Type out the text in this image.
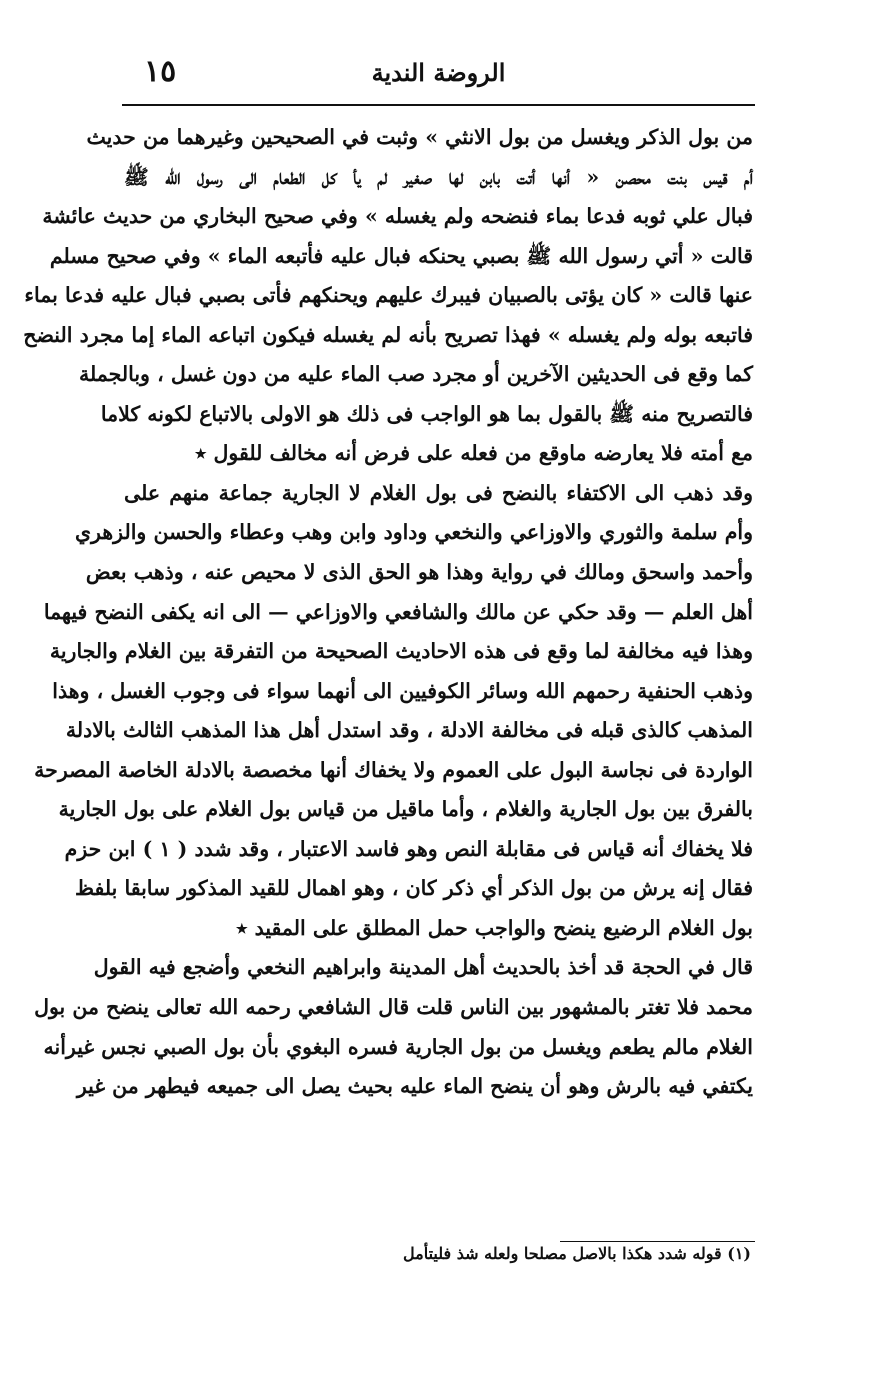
الروضة الندية
١٥
من بول الذكر ويغسل من بول الانثي » وثبت في الصحيحين وغيرهما من حديث
أم قيس بنت محصن « أنها أتت بابن لها صغير لم يأ كل الطعام الى رسول الله ﷺ
فبال علي ثوبه فدعا بماء فنضحه ولم يغسله » وفي صحيح البخاري من حديث عائشة
قالت « أتي رسول الله ﷺ بصبي يحنكه فبال عليه فأتبعه الماء » وفي صحيح مسلم
عنها قالت « كان يؤتى بالصبيان فيبرك عليهم ويحنكهم فأتى بصبي فبال عليه فدعا بماء
فاتبعه بوله ولم يغسله » فهذا تصريح بأنه لم يغسله فيكون اتباعه الماء إما مجرد النضح
كما وقع فى الحديثين الآخرين أو مجرد صب الماء عليه من دون غسل ، وبالجملة
فالتصريح منه ﷺ بالقول بما هو الواجب فى ذلك هو الاولى بالاتباع لكونه كلاما
مع أمته فلا يعارضه ماوقع من فعله على فرض أنه مخالف للقول ٭
وقد ذهب الى الاكتفاء بالنضح فى بول الغلام لا الجارية جماعة منهم على
وأم سلمة والثوري والاوزاعي والنخعي وداود وابن وهب وعطاء والحسن والزهري
وأحمد واسحق ومالك في رواية وهذا هو الحق الذى لا محيص عنه ، وذهب بعض
أهل العلم — وقد حكي عن مالك والشافعي والاوزاعي — الى انه يكفى النضح فيهما
وهذا فيه مخالفة لما وقع فى هذه الاحاديث الصحيحة من التفرقة بين الغلام والجارية
وذهب الحنفية رحمهم الله وسائر الكوفيين الى أنهما سواء فى وجوب الغسل ، وهذا
المذهب كالذى قبله فى مخالفة الادلة ، وقد استدل أهل هذا المذهب الثالث بالادلة
الواردة فى نجاسة البول على العموم ولا يخفاك أنها مخصصة بالادلة الخاصة المصرحة
بالفرق بين بول الجارية والغلام ، وأما ماقيل من قياس بول الغلام على بول الجارية
فلا يخفاك أنه قياس فى مقابلة النص وهو فاسد الاعتبار ، وقد شدد ( ١ ) ابن حزم
فقال إنه يرش من بول الذكر أي ذكر كان ، وهو اهمال للقيد المذكور سابقا بلفظ
بول الغلام الرضيع ينضح والواجب حمل المطلق على المقيد ٭
قال في الحجة قد أخذ بالحديث أهل المدينة وابراهيم النخعي وأضجع فيه القول
محمد فلا تغتر بالمشهور بين الناس قلت قال الشافعي رحمه الله تعالى ينضح من بول
الغلام مالم يطعم ويغسل من بول الجارية فسره البغوي بأن بول الصبي نجس غيرأنه
يكتفي فيه بالرش وهو أن ينضح الماء عليه بحيث يصل الى جميعه فيطهر من غير
(١) قوله شدد هكذا بالاصل مصلحا ولعله شذ فليتأمل
